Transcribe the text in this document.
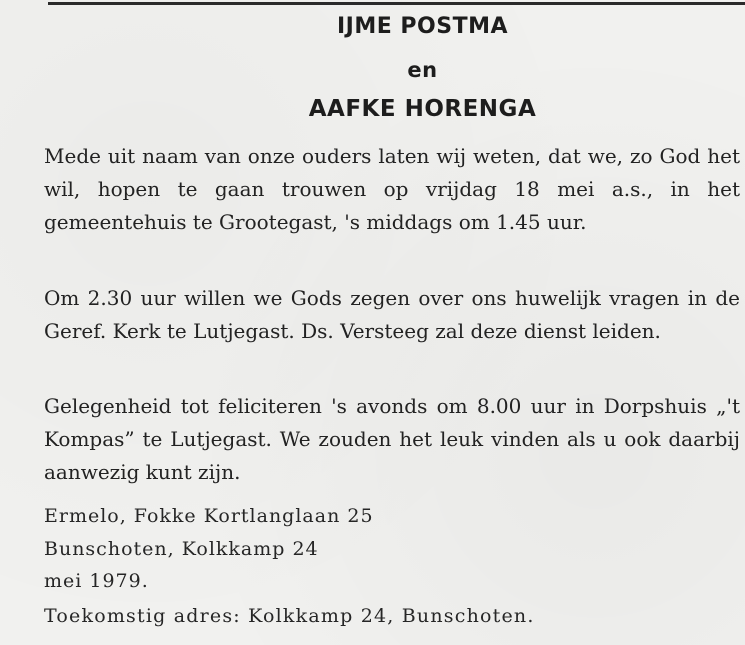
IJME POSTMA
en
AAFKE HORENGA
Mede uit naam van onze ouders laten wij weten, dat we, zo God het wil, hopen te gaan trouwen op vrijdag 18 mei a.s., in het gemeentehuis te Grootegast, 's middags om 1.45 uur.
Om 2.30 uur willen we Gods zegen over ons huwelijk vragen in de Geref. Kerk te Lutjegast. Ds. Versteeg zal deze dienst leiden.
Gelegenheid tot feliciteren 's avonds om 8.00 uur in Dorpshuis „'t Kompas” te Lutjegast. We zouden het leuk vinden als u ook daarbij aanwezig kunt zijn.
Ermelo, Fokke Kortlanglaan 25
Bunschoten, Kolkkamp 24
mei 1979.
Toekomstig adres: Kolkkamp 24, Bunschoten.
